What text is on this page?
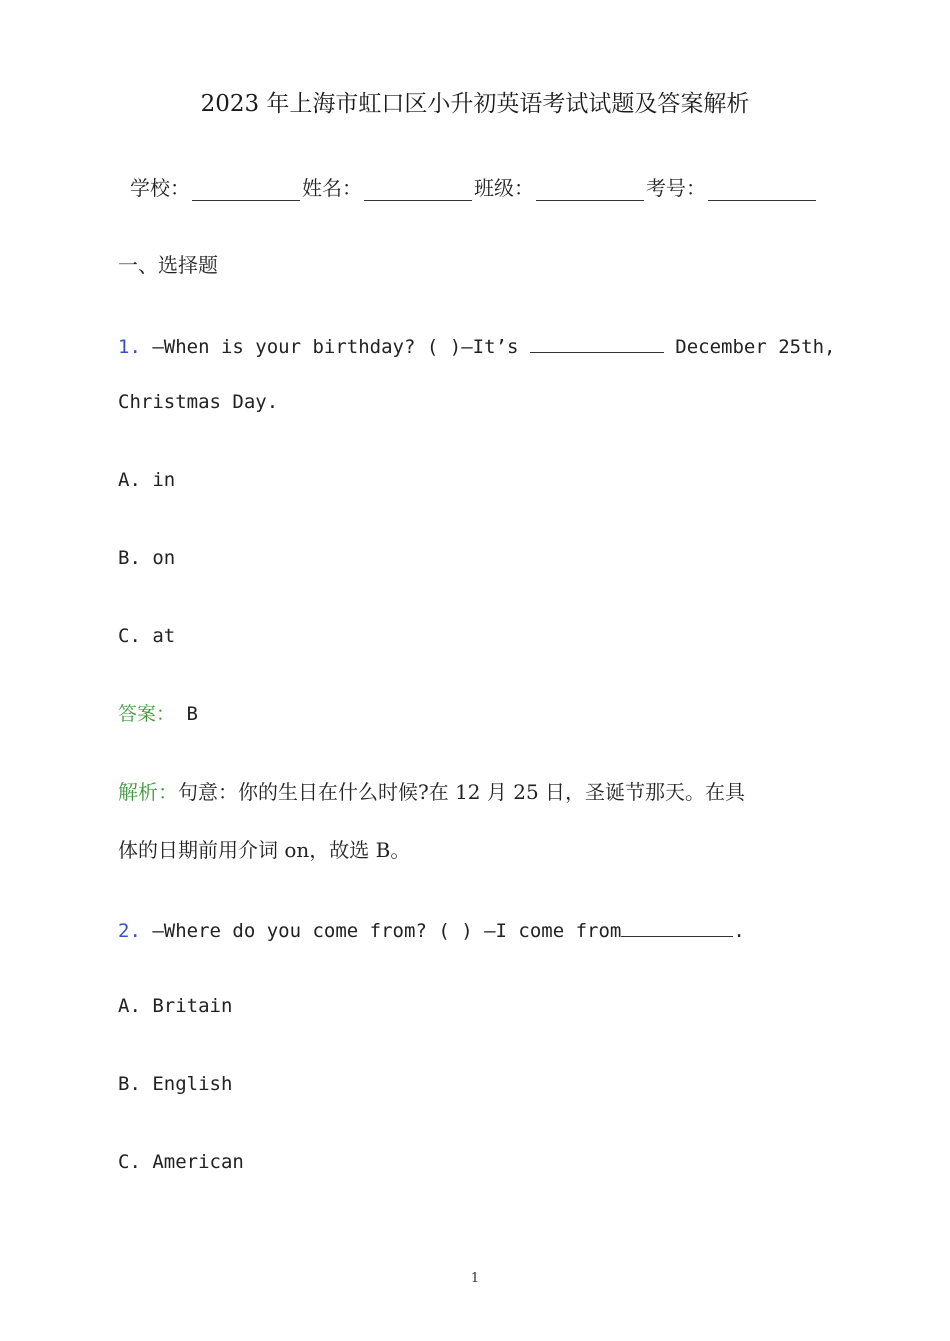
2023 年上海市虹口区小升初英语考试试题及答案解析
学校：	姓名：	班级：	考号：
一、选择题
1. —When is your birthday? ( )—It’s	December 25th,
Christmas Day.
A. in
B. on
C. at
答案： B
解析：句意：你的生日在什么时候?在 12 月 25 日，圣诞节那天。在具
体的日期前用介词 on，故选 B。
2. —Where do you come from? ( ) —I come from	.
A. Britain
B. English
C. American
1
